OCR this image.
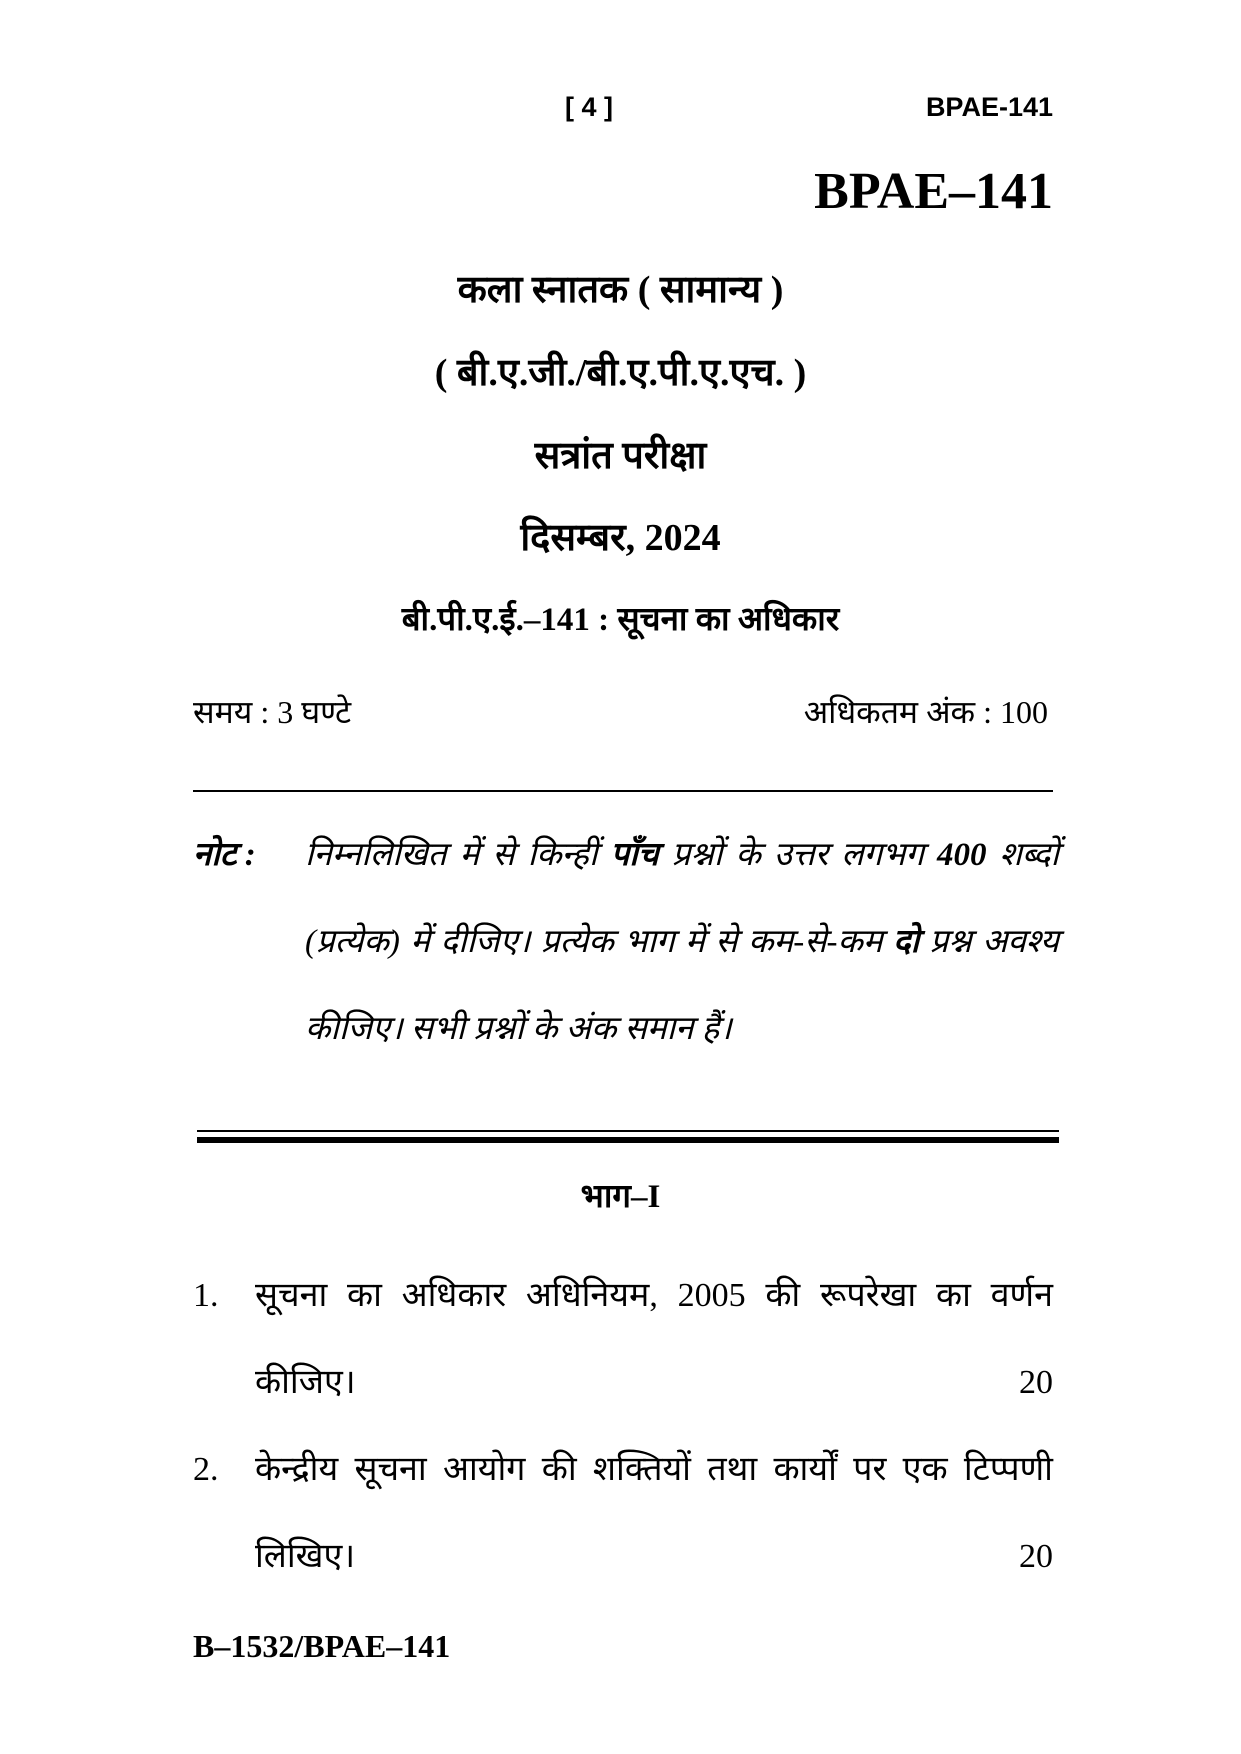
[ 4 ]	BPAE-141
BPAE–141
कला स्नातक ( सामान्य )
( बी.ए.जी./बी.ए.पी.ए.एच. )
सत्रांत परीक्षा
दिसम्बर, 2024
बी.पी.ए.ई.–141 : सूचना का अधिकार
समय : 3 घण्टे	अधिकतम अंक : 100
नोट : निम्नलिखित में से किन्हीं पाँच प्रश्नों के उत्तर लगभग 400 शब्दों (प्रत्येक) में दीजिए। प्रत्येक भाग में से कम-से-कम दो प्रश्न अवश्य कीजिए। सभी प्रश्नों के अंक समान हैं।
भाग–I
1. सूचना का अधिकार अधिनियम, 2005 की रूपरेखा का वर्णन कीजिए।	20
2. केन्द्रीय सूचना आयोग की शक्तियों तथा कार्यों पर एक टिप्पणी लिखिए।	20
B–1532/BPAE–141
